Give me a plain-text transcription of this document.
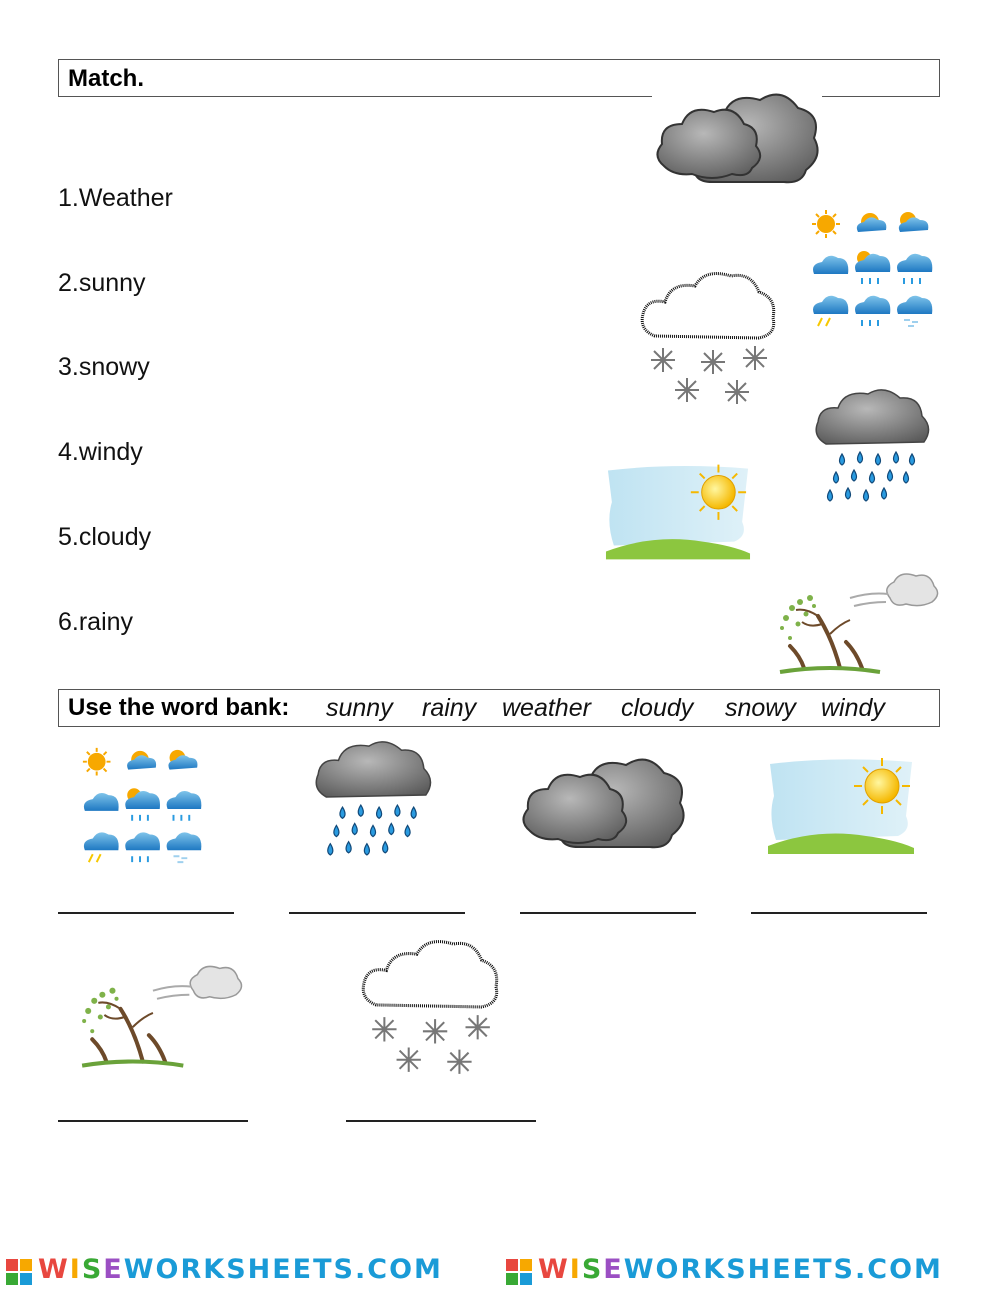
Match.
1.Weather
2.sunny
3.snowy
4.windy
5.cloudy
6.rainy
Use the word bank: sunny rainy weather cloudy snowy windy
WISEWORKSHEETS.COM	WISEWORKSHEETS.COM
